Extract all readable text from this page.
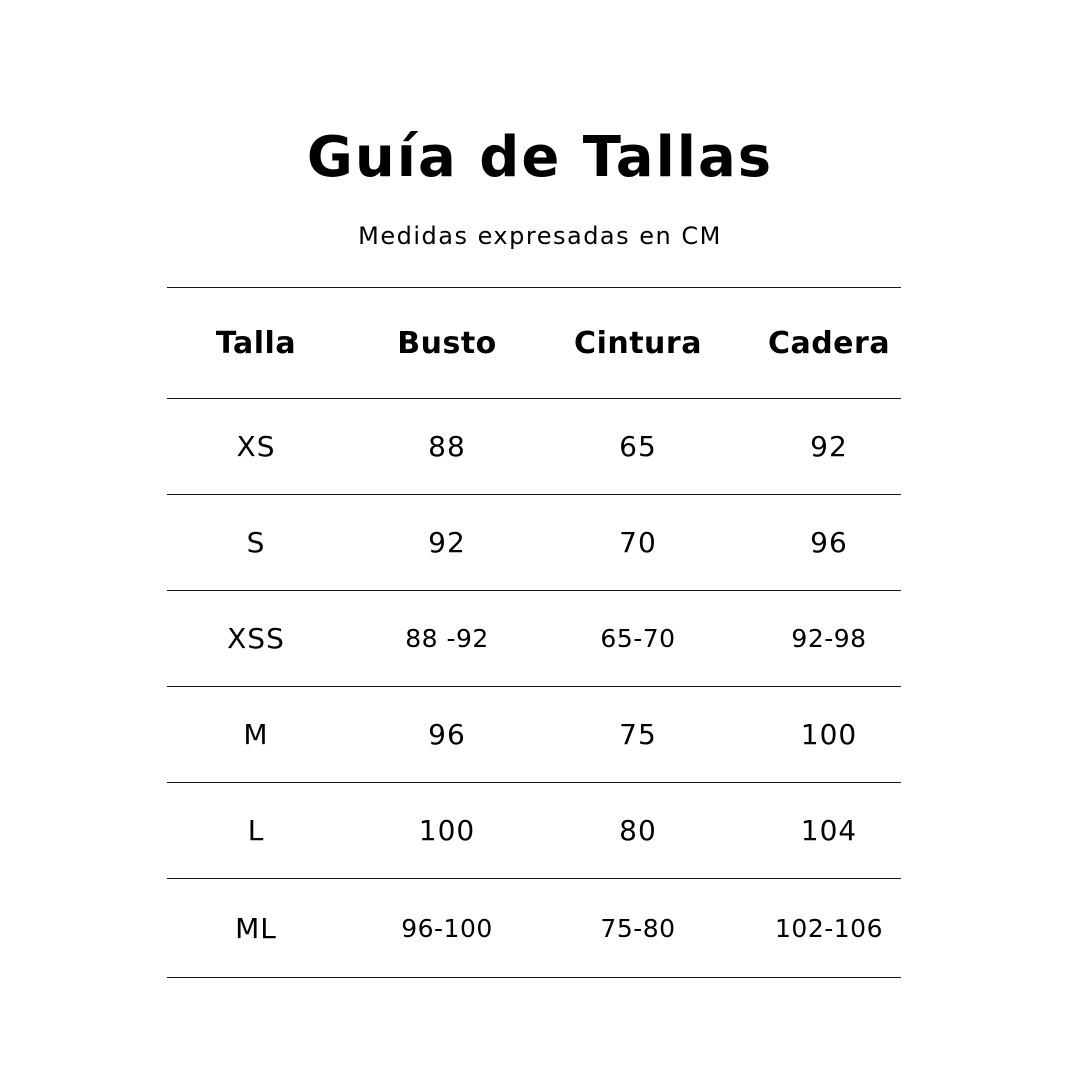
Guía de Tallas

Medidas expresadas en CM

Talla	Busto	Cintura	Cadera
XS	88	65	92
S	92	70	96
XSS	88 -92	65-70	92-98
M	96	75	100
L	100	80	104
ML	96-100	75-80	102-106
